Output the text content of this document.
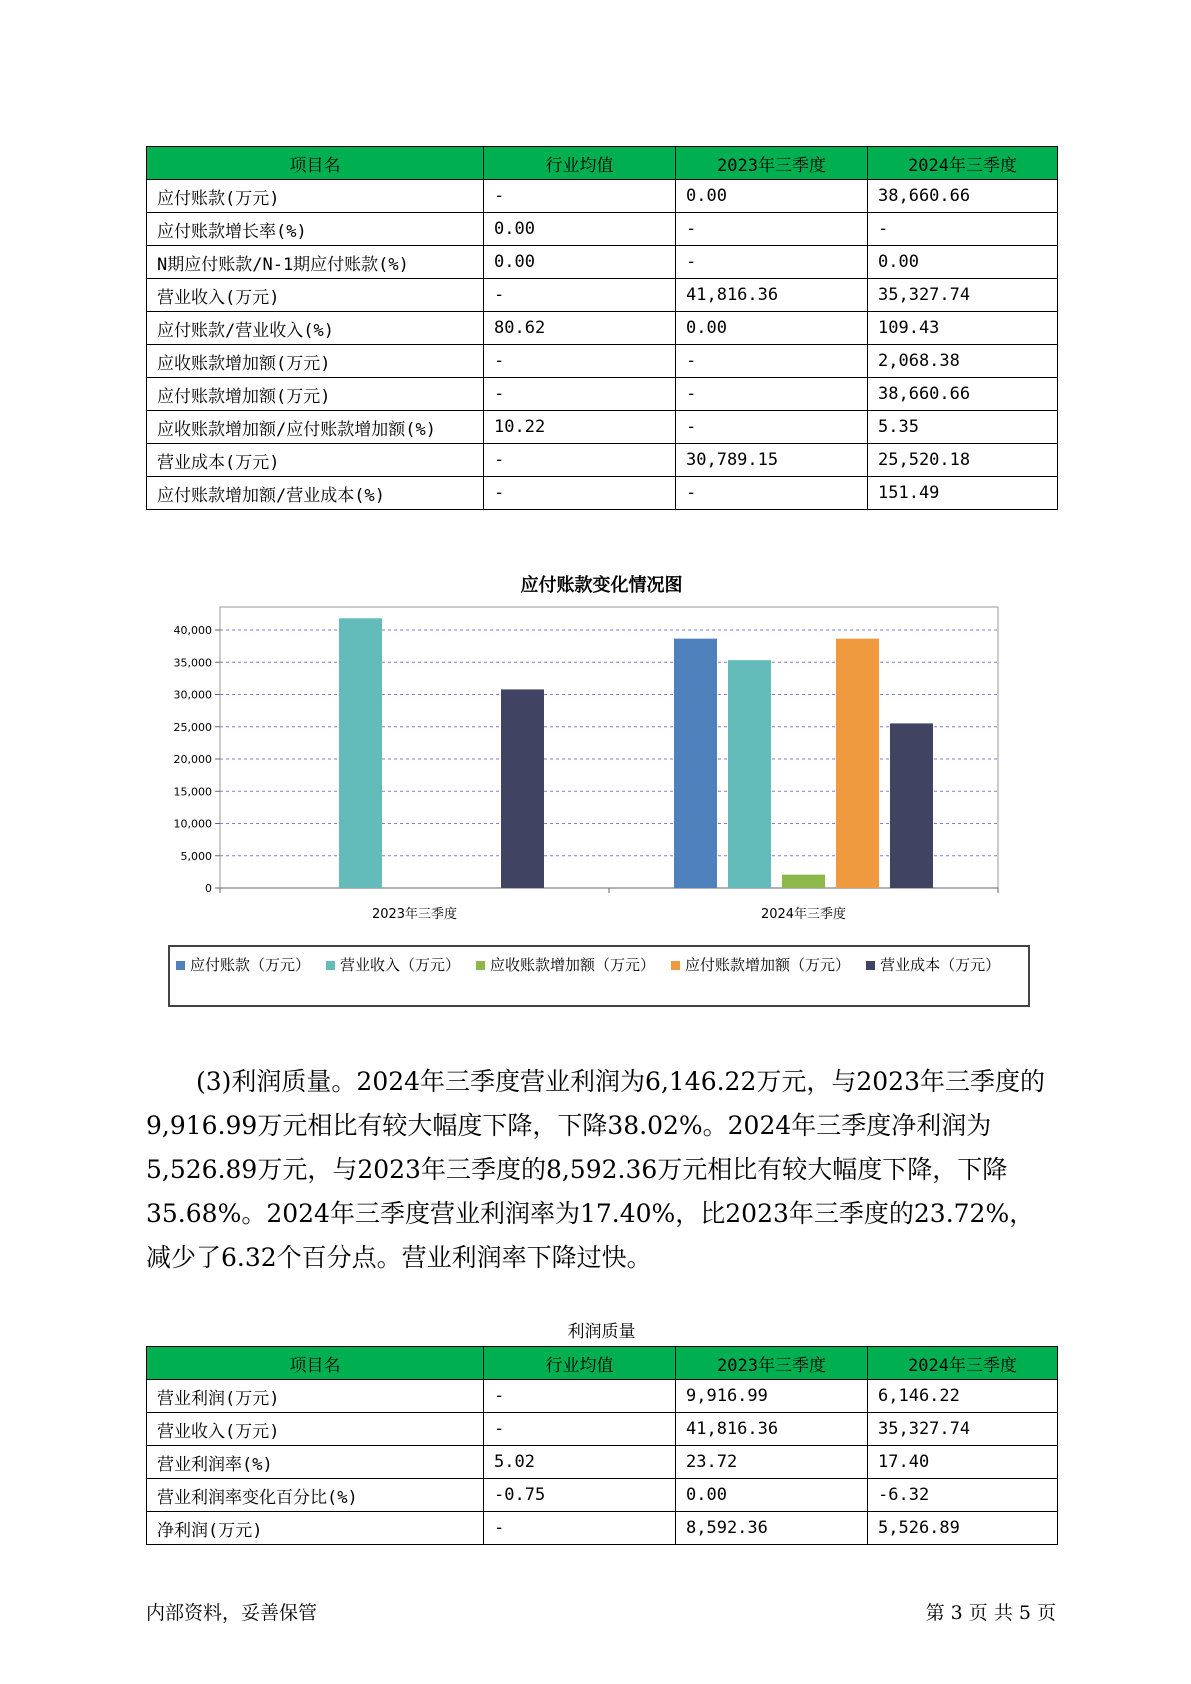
项目名	行业均值	2023年三季度	2024年三季度
应付账款(万元)	-	0.00	38,660.66
应付账款增长率(%)	0.00	-	-
N期应付账款/N-1期应付账款(%)	0.00	-	0.00
营业收入(万元)	-	41,816.36	35,327.74
应付账款/营业收入(%)	80.62	0.00	109.43
应收账款增加额(万元)	-	-	2,068.38
应付账款增加额(万元)	-	-	38,660.66
应收账款增加额/应付账款增加额(%)	10.22	-	5.35
营业成本(万元)	-	30,789.15	25,520.18
应付账款增加额/营业成本(%)	-	-	151.49
应付账款变化情况图
0
5,000
10,000
15,000
20,000
25,000
30,000
35,000
40,000
2023年三季度	2024年三季度
应付账款（万元） 营业收入（万元） 应收账款增加额（万元） 应付账款增加额（万元） 营业成本（万元）

(3)利润质量。2024年三季度营业利润为6,146.22万元，与2023年三季度的9,916.99万元相比有较大幅度下降，下降38.02%。2024年三季度净利润为5,526.89万元，与2023年三季度的8,592.36万元相比有较大幅度下降，下降35.68%。2024年三季度营业利润率为17.40%，比2023年三季度的23.72%，减少了6.32个百分点。营业利润率下降过快。

利润质量
项目名	行业均值	2023年三季度	2024年三季度
营业利润(万元)	-	9,916.99	6,146.22
营业收入(万元)	-	41,816.36	35,327.74
营业利润率(%)	5.02	23.72	17.40
营业利润率变化百分比(%)	-0.75	0.00	-6.32
净利润(万元)	-	8,592.36	5,526.89
内部资料，妥善保管	第 3 页 共 5 页
